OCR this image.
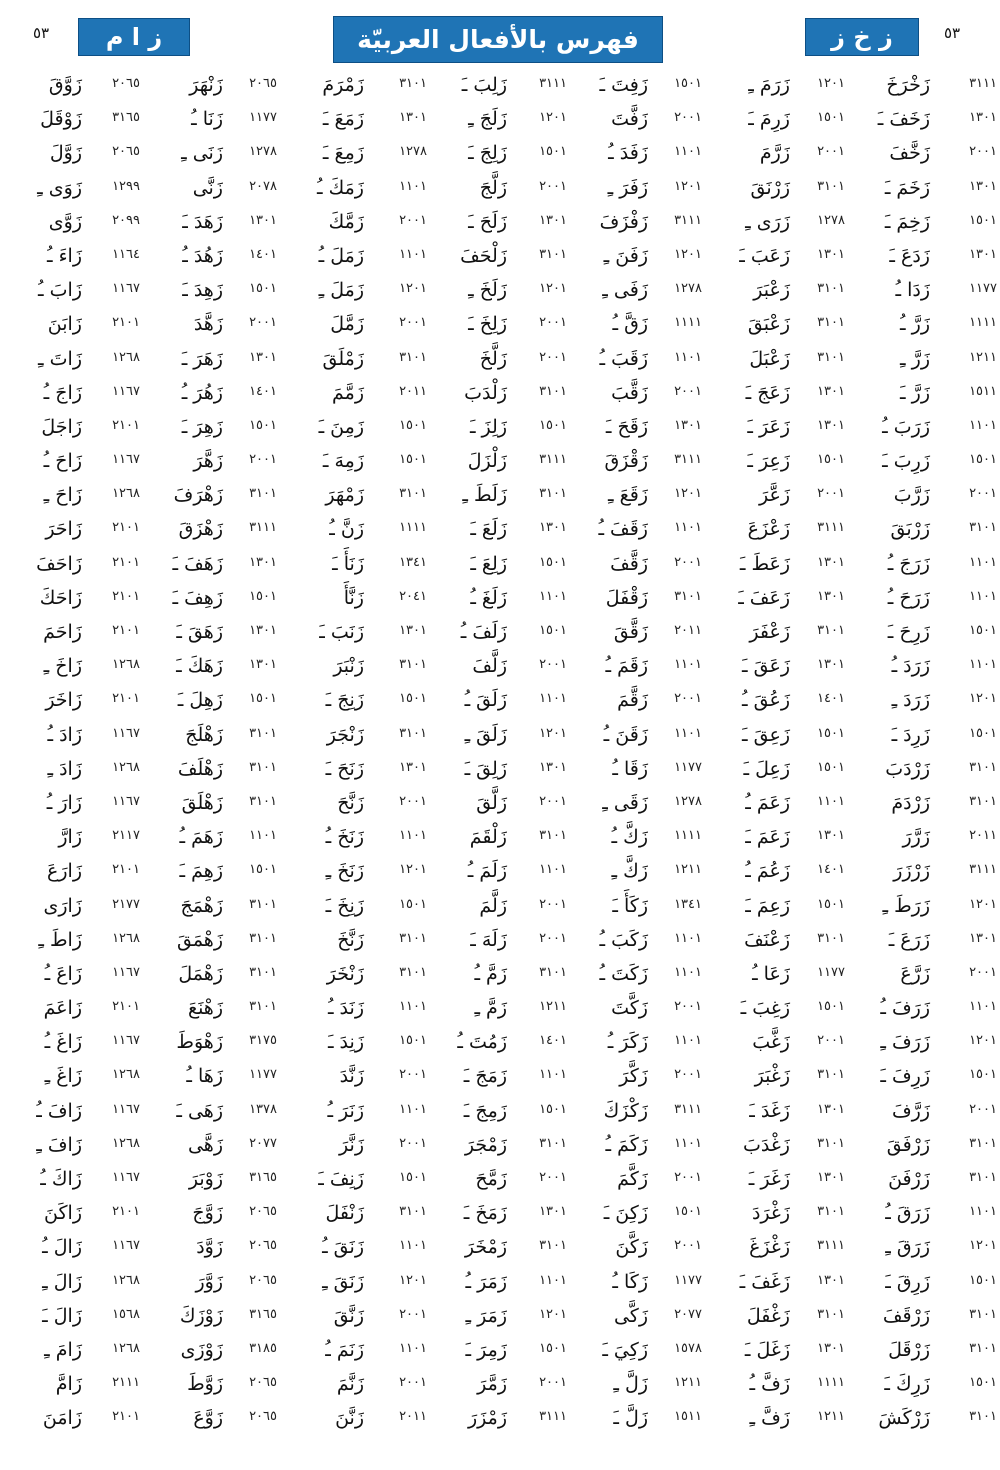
٥٣
ز خ ز
فهرس بالأفعال العربيّة
ز ا م
٥٣
٣١١١
زَخْرَخَ
١٢٠١
زَرَمَ ـِ
١٥٠١
زَفِتَ ـَ
٣١١١
زَلِبَ ـَ
٣١٠١
زَمْرَمَ
٢٠٦٥
زَنْهَرَ
زَوَّقَ	٢٠٦٥
١٣٠١
زَخَفَ ـَ
١٥٠١
زَرِمَ ـَ
٢٠٠١
زَفَّتَ
١٢٠١
زَلَجَ ـِ
١٣٠١
زَمَعَ ـَ
١١٧٧
زَنَا ـُ
زَوْقَلَ	٣١٦٥
٢٠٠١
زَخَّفَ
٢٠٠١
زَرَّمَ
١١٠١
زَفَدَ ـُ
١٥٠١
زَلِجَ ـَ
١٢٧٨
زَمِعَ ـَ
١٢٧٨
زَنَى ـِ
زَوَّلَ	٢٠٦٥
١٣٠١
زَخَمَ ـَ
٣١٠١
زَرْنَقَ
١٢٠١
زَفَرَ ـِ
٢٠٠١
زَلَّجَ
١١٠١
زَمَكَ ـُ
٢٠٧٨
زَنَّى
زَوَى ـِ	١٢٩٩
١٥٠١
زَخِمَ ـَ
١٢٧٨
زَرَى ـِ
٣١١١
زَفْزَفَ
١٣٠١
زَلَحَ ـَ
٢٠٠١
زَمَّكَ
١٣٠١
زَهَدَ ـَ
زَوَّى	٢٠٩٩
١٣٠١
زَدَعَ ـَ
١٣٠١
زَعَبَ ـَ
١٢٠١
زَفَنَ ـِ
٣١٠١
زَلْحَفَ
١١٠١
زَمَلَ ـُ
١٤٠١
زَهُدَ ـُ
زَاءَ ـُ	١١٦٤
١١٧٧
زَدَا ـُ
٣١٠١
زَعْبَرَ
١٢٧٨
زَفَى ـِ
١٢٠١
زَلَخَ ـِ
١٢٠١
زَمَلَ ـِ
١٥٠١
زَهِدَ ـَ
زَابَ ـُ	١١٦٧
١١١١
زَرَّ ـُ
٣١٠١
زَعْبَقَ
١١١١
زَقَّ ـُ
٢٠٠١
زَلِخَ ـَ
٢٠٠١
زَمَّلَ
٢٠٠١
زَهَّدَ
زَابَنَ	٢١٠١
١٢١١
زَرَّ ـِ
٣١٠١
زَعْبَلَ
١١٠١
زَقَبَ ـُ
٢٠٠١
زَلَّخَ
٣١٠١
زَمْلَقَ
١٣٠١
زَهَرَ ـَ
زَاتَ ـِ	١٢٦٨
١٥١١
زَرَّ ـَ
١٣٠١
زَعَجَ ـَ
٢٠٠١
زَقَّبَ
٣١٠١
زَلْدَبَ
٢٠١١
زَمَّمَ
١٤٠١
زَهُرَ ـُ
زَاجَ ـُ	١١٦٧
١١٠١
زَرَبَ ـُ
١٣٠١
زَعَرَ ـَ
١٣٠١
زَقَحَ ـَ
١٥٠١
زَلِزَ ـَ
١٥٠١
زَمِنَ ـَ
١٥٠١
زَهِرَ ـَ
زَاجَلَ	٢١٠١
١٥٠١
زَرِبَ ـَ
١٥٠١
زَعِرَ ـَ
٣١١١
زَقْزَقَ
٣١١١
زَلْزَلَ
١٥٠١
زَمِهَ ـَ
٢٠٠١
زَهَّرَ
زَاحَ ـُ	١١٦٧
٢٠٠١
زَرَّبَ
٢٠٠١
زَعَّرَ
١٢٠١
زَقَعَ ـِ
٣١٠١
زَلَطَ ـِ
٣١٠١
زَمْهَرَ
٣١٠١
زَهْرَفَ
زَاحَ ـِ	١٢٦٨
٣١٠١
زَرْبَقَ
٣١١١
زَعْزَعَ
١١٠١
زَقَفَ ـُ
١٣٠١
زَلَعَ ـَ
١١١١
زَنَّ ـُ
٣١١١
زَهْزَقَ
زَاحَرَ	٢١٠١
١١٠١
زَرَجَ ـُ
١٣٠١
زَعَطَ ـَ
٢٠٠١
زَقَّفَ
١٥٠١
زَلِعَ ـَ
١٣٤١
زَنَأَ ـَ
١٣٠١
زَهَفَ ـَ
زَاحَفَ	٢١٠١
١١٠١
زَرَحَ ـُ
١٣٠١
زَعَفَ ـَ
٣١٠١
زَقْفَلَ
١١٠١
زَلَغَ ـُ
٢٠٤١
زَنَّأَ
١٥٠١
زَهِفَ ـَ
زَاحَكَ	٢١٠١
١٥٠١
زَرِحَ ـَ
٣١٠١
زَعْفَرَ
٢٠١١
زَقَّقَ
١٥٠١
زَلَفَ ـُ
١٣٠١
زَنَبَ ـَ
١٣٠١
زَهَقَ ـَ
زَاحَمَ	٢١٠١
١١٠١
زَرَدَ ـُ
١٣٠١
زَعَقَ ـَ
١١٠١
زَقَمَ ـُ
٢٠٠١
زَلَّفَ
٣١٠١
زَنْبَرَ
١٣٠١
زَهَكَ ـَ
زَاخَ ـِ	١٢٦٨
١٢٠١
زَرَدَ ـِ
١٤٠١
زَعُقَ ـُ
٢٠٠١
زَقَّمَ
١١٠١
زَلَقَ ـُ
١٥٠١
زَنِجَ ـَ
١٥٠١
زَهِلَ ـَ
زَاخَرَ	٢١٠١
١٥٠١
زَرِدَ ـَ
١٥٠١
زَعِقَ ـَ
١١٠١
زَقَنَ ـُ
١٢٠١
زَلَقَ ـِ
٣١٠١
زَنْجَرَ
٣١٠١
زَهْلَجَ
زَادَ ـُ	١١٦٧
٣١٠١
زَرْدَبَ
١٥٠١
زَعِلَ ـَ
١١٧٧
زَقَا ـُ
١٣٠١
زَلِقَ ـَ
١٣٠١
زَنَحَ ـَ
٣١٠١
زَهْلَفَ
زَادَ ـِ	١٢٦٨
٣١٠١
زَرْدَمَ
١١٠١
زَعَمَ ـُ
١٢٧٨
زَقَى ـِ
٢٠٠١
زَلَّقَ
٢٠٠١
زَنَّحَ
٣١٠١
زَهْلَقَ
زَارَ ـُ	١١٦٧
٢٠١١
زَرَّرَ
١٣٠١
زَعَمَ ـَ
١١١١
زَكَّ ـُ
٣١٠١
زَلْقَمَ
١١٠١
زَنَخَ ـُ
١١٠١
زَهَمَ ـُ
زَارَّ	٢١١٧
٣١١١
زَرْزَرَ
١٤٠١
زَعُمَ ـُ
١٢١١
زَكَّ ـِ
١١٠١
زَلَمَ ـُ
١٢٠١
زَنَخَ ـِ
١٥٠١
زَهِمَ ـَ
زَارَعَ	٢١٠١
١٢٠١
زَرَطَ ـِ
١٥٠١
زَعِمَ ـَ
١٣٤١
زَكَأَ ـَ
٢٠٠١
زَلَّمَ
١٥٠١
زَنِخَ ـَ
٣١٠١
زَهْمَجَ
زَارَى	٢١٧٧
١٣٠١
زَرَعَ ـَ
٣١٠١
زَعْنَفَ
١١٠١
زَكَبَ ـُ
٢٠٠١
زَلَهَ ـَ
٣١٠١
زَنَّخَ
٣١٠١
زَهْمَقَ
زَاطَ ـِ	١٢٦٨
٢٠٠١
زَرَّعَ
١١٧٧
زَعَا ـُ
١١٠١
زَكَتَ ـُ
٣١٠١
زَمَّ ـُ
٣١٠١
زَنْخَرَ
٣١٠١
زَهْمَلَ
زَاعَ ـُ	١١٦٧
١١٠١
زَرَفَ ـُ
١٥٠١
زَغِبَ ـَ
٢٠٠١
زَكَّتَ
١٢١١
زَمَّ ـِ
١١٠١
زَنَدَ ـُ
٣١٠١
زَهْنَعَ
زَاعَمَ	٢١٠١
١٢٠١
زَرَفَ ـِ
٢٠٠١
زَغَّبَ
١١٠١
زَكَرَ ـُ
١٤٠١
زَمُتَ ـُ
١٥٠١
زَنِدَ ـَ
٣١٧٥
زَهْوَطَ
زَاغَ ـُ	١١٦٧
١٥٠١
زَرِفَ ـَ
٣١٠١
زَغْبَرَ
٢٠٠١
زَكَّرَ
١١٠١
زَمَجَ ـَ
٢٠٠١
زَنَّدَ
١١٧٧
زَهَا ـُ
زَاغَ ـِ	١٢٦٨
٢٠٠١
زَرَّفَ
١٣٠١
زَغَدَ ـَ
٣١١١
زَكْزَكَ
١٥٠١
زَمِجَ ـَ
١١٠١
زَنَرَ ـُ
١٣٧٨
زَهَى ـَ
زَافَ ـُ	١١٦٧
٣١٠١
زَرْفَقَ
٣١٠١
زَغْدَبَ
١١٠١
زَكَمَ ـُ
٣١٠١
زَمْجَرَ
٢٠٠١
زَنَّرَ
٢٠٧٧
زَهَّى
زَافَ ـِ	١٢٦٨
٣١٠١
زَرْفَنَ
١٣٠١
زَغَرَ ـَ
٢٠٠١
زَكَّمَ
٢٠٠١
زَمَّحَ
١٥٠١
زَنِفَ ـَ
٣١٦٥
زَوْبَرَ
زَاكَ ـُ	١١٦٧
١١٠١
زَرَقَ ـُ
٣١٠١
زَغْرَدَ
١٥٠١
زَكِنَ ـَ
١٣٠١
زَمَخَ ـَ
٣١٠١
زَنْفَلَ
٢٠٦٥
زَوَّجَ
زَاكَنَ	٢١٠١
١٢٠١
زَرَقَ ـِ
٣١١١
زَغْزَغَ
٢٠٠١
زَكَّنَ
٣١٠١
زَمْخَرَ
١١٠١
زَنَقَ ـُ
٢٠٦٥
زَوَّدَ
زَالَ ـُ	١١٦٧
١٥٠١
زَرِقَ ـَ
١٣٠١
زَغَفَ ـَ
١١٧٧
زَكَا ـُ
١١٠١
زَمَرَ ـُ
١٢٠١
زَنَقَ ـِ
٢٠٦٥
زَوَّرَ
زَالَ ـِ	١٢٦٨
٣١٠١
زَرْقَفَ
٣١٠١
زَغْفَلَ
٢٠٧٧
زَكَّى
١٢٠١
زَمَرَ ـِ
٢٠٠١
زَنَّقَ
٣١٦٥
زَوْزَكَ
زَالَ ـَ	١٥٦٨
٣١٠١
زَرْقَلَ
١٣٠١
زَغَلَ ـَ
١٥٧٨
زَكِيَ ـَ
١٥٠١
زَمِرَ ـَ
١١٠١
زَنَمَ ـُ
٣١٨٥
زَوْزَى
زَامَ ـِ	١٢٦٨
١٥٠١
زَرِكَ ـَ
١١١١
زَفَّ ـُ
١٢١١
زَلَّ ـِ
٢٠٠١
زَمَّرَ
٢٠٠١
زَنَّمَ
٢٠٦٥
زَوَّطَ
زَامَّ	٢١١١
٣١٠١
زَرْكَشَ
١٢١١
زَفَّ ـِ
١٥١١
زَلَّ ـَ
٣١١١
زَمْزَرَ
٢٠١١
زَنَّنَ
٢٠٦٥
زَوَّعَ
زَامَنَ	٢١٠١
